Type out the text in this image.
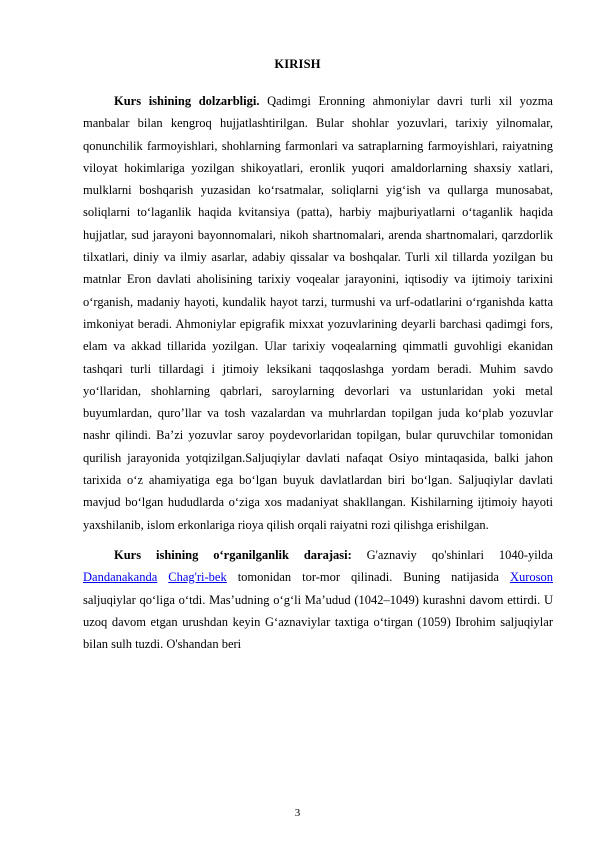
KIRISH

Kurs ishining dolzarbligi. Qadimgi Eronning ahmoniylar davri turli xil yozma manbalar bilan kengroq hujjatlashtirilgan. Bular shohlar yozuvlari, tarixiy yilnomalar, qonunchilik farmoyishlari, shohlarning farmonlari va satraplarning farmoyishlari, raiyatning viloyat hokimlariga yozilgan shikoyatlari, eronlik yuqori amaldorlarning shaxsiy xatlari, mulklarni boshqarish yuzasidan ko‘rsatmalar, soliqlarni yig‘ish va qullarga munosabat, soliqlarni to‘laganlik haqida kvitansiya (patta), harbiy majburiyatlarni o‘taganlik haqida hujjatlar, sud jarayoni bayonnomalari, nikoh shartnomalari, arenda shartnomalari, qarzdorlik tilxatlari, diniy va ilmiy asarlar, adabiy qissalar va boshqalar. Turli xil tillarda yozilgan bu matnlar Eron davlati aholisining tarixiy voqealar jarayonini, iqtisodiy va ijtimoiy tarixini o‘rganish, madaniy hayoti, kundalik hayot tarzi, turmushi va urf-odatlarini o‘rganishda katta imkoniyat beradi. Ahmoniylar epigrafik mixxat yozuvlarining deyarli barchasi qadimgi fors, elam va akkad tillarida yozilgan. Ular tarixiy voqealarning qimmatli guvohligi ekanidan tashqari turli tillardagi i jtimoiy leksikani taqqoslashga yordam beradi. Muhim savdo yo‘llaridan, shohlarning qabrlari, saroylarning devorlari va ustunlaridan yoki metal buyumlardan, quro’llar va tosh vazalardan va muhrlardan topilgan juda ko‘plab yozuvlar nashr qilindi. Ba’zi yozuvlar saroy poydevorlaridan topilgan, bular quruvchilar tomonidan qurilish jarayonida yotqizilgan.Saljuqiylar davlati nafaqat Osiyo mintaqasida, balki jahon tarixida o‘z ahamiyatiga ega bo‘lgan buyuk davlatlardan biri bo‘lgan. Saljuqiylar davlati mavjud bo‘lgan hududlarda o‘ziga xos madaniyat shakllangan. Kishilarning ijtimoiy hayoti yaxshilanib, islom erkonlariga rioya qilish orqali raiyatni rozi qilishga erishilgan.

Kurs ishining o‘rganilganlik darajasi: G'aznaviy qo'shinlari 1040-yilda Dandanakanda Chag'ri-bek tomonidan tor-mor qilinadi. Buning natijasida Xuroson saljuqiylar qo‘liga o‘tdi. Mas’udning o‘g‘li Ma’udud (1042–1049) kurashni davom ettirdi. U uzoq davom etgan urushdan keyin G‘aznaviylar taxtiga o‘tirgan (1059) Ibrohim saljuqiylar bilan sulh tuzdi. O'shandan beri

3
